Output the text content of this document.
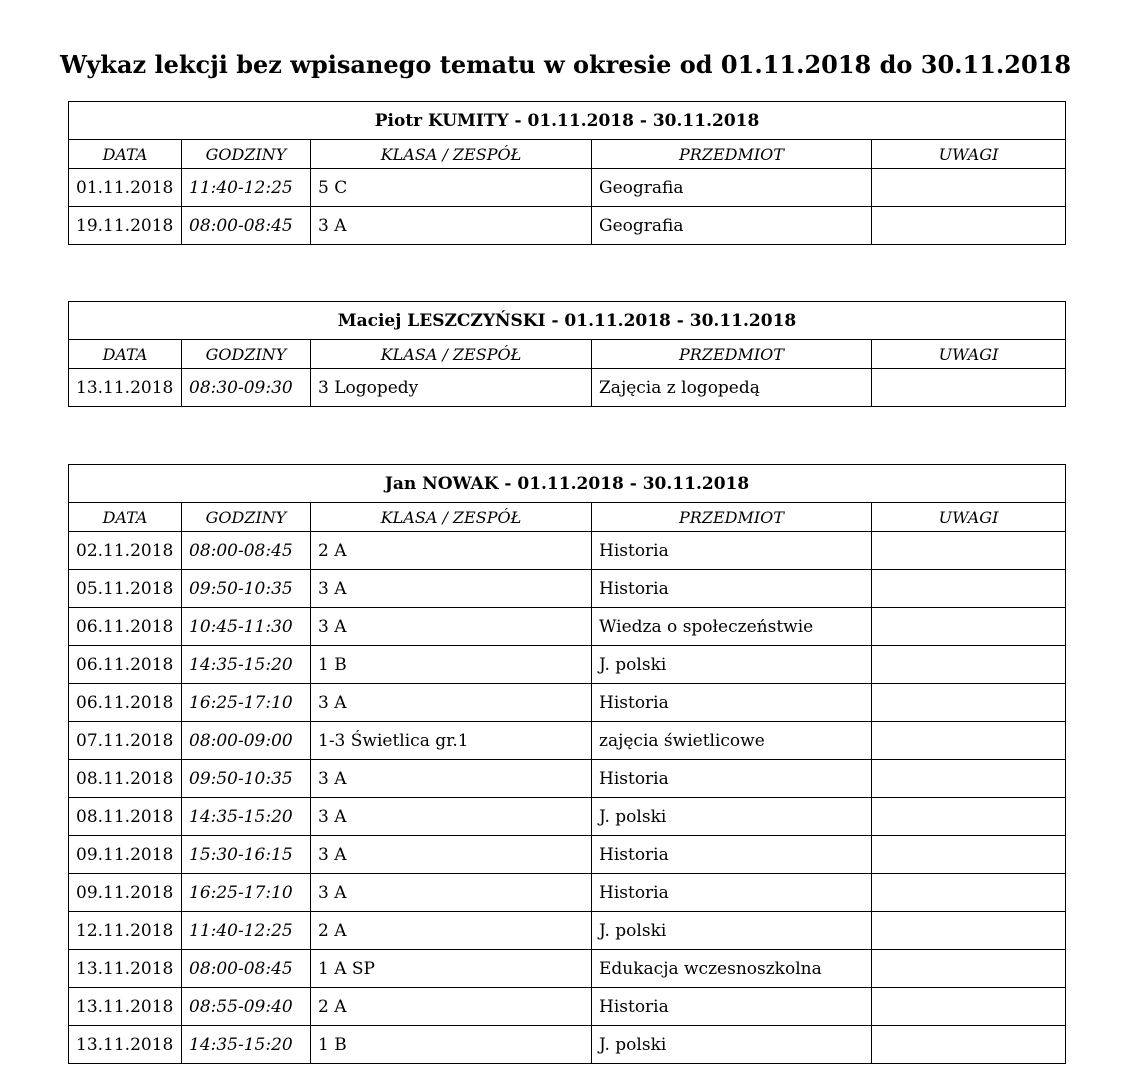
Wykaz lekcji bez wpisanego tematu w okresie od 01.11.2018 do 30.11.2018
Piotr KUMITY - 01.11.2018 - 30.11.2018				
DATA	GODZINY	KLASA / ZESPÓŁ	PRZEDMIOT	UWAGI
01.11.2018	11:40-12:25	5 C	Geografia	
19.11.2018	08:00-08:45	3 A	Geografia	
Maciej LESZCZYŃSKI - 01.11.2018 - 30.11.2018				
DATA	GODZINY	KLASA / ZESPÓŁ	PRZEDMIOT	UWAGI
13.11.2018	08:30-09:30	3 Logopedy	Zajęcia z logopedą	
Jan NOWAK - 01.11.2018 - 30.11.2018				
DATA	GODZINY	KLASA / ZESPÓŁ	PRZEDMIOT	UWAGI
02.11.2018	08:00-08:45	2 A	Historia	
05.11.2018	09:50-10:35	3 A	Historia	
06.11.2018	10:45-11:30	3 A	Wiedza o społeczeństwie	
06.11.2018	14:35-15:20	1 B	J. polski	
06.11.2018	16:25-17:10	3 A	Historia	
07.11.2018	08:00-09:00	1-3 Świetlica gr.1	zajęcia świetlicowe	
08.11.2018	09:50-10:35	3 A	Historia	
08.11.2018	14:35-15:20	3 A	J. polski	
09.11.2018	15:30-16:15	3 A	Historia	
09.11.2018	16:25-17:10	3 A	Historia	
12.11.2018	11:40-12:25	2 A	J. polski	
13.11.2018	08:00-08:45	1 A SP	Edukacja wczesnoszkolna	
13.11.2018	08:55-09:40	2 A	Historia	
13.11.2018	14:35-15:20	1 B	J. polski	
